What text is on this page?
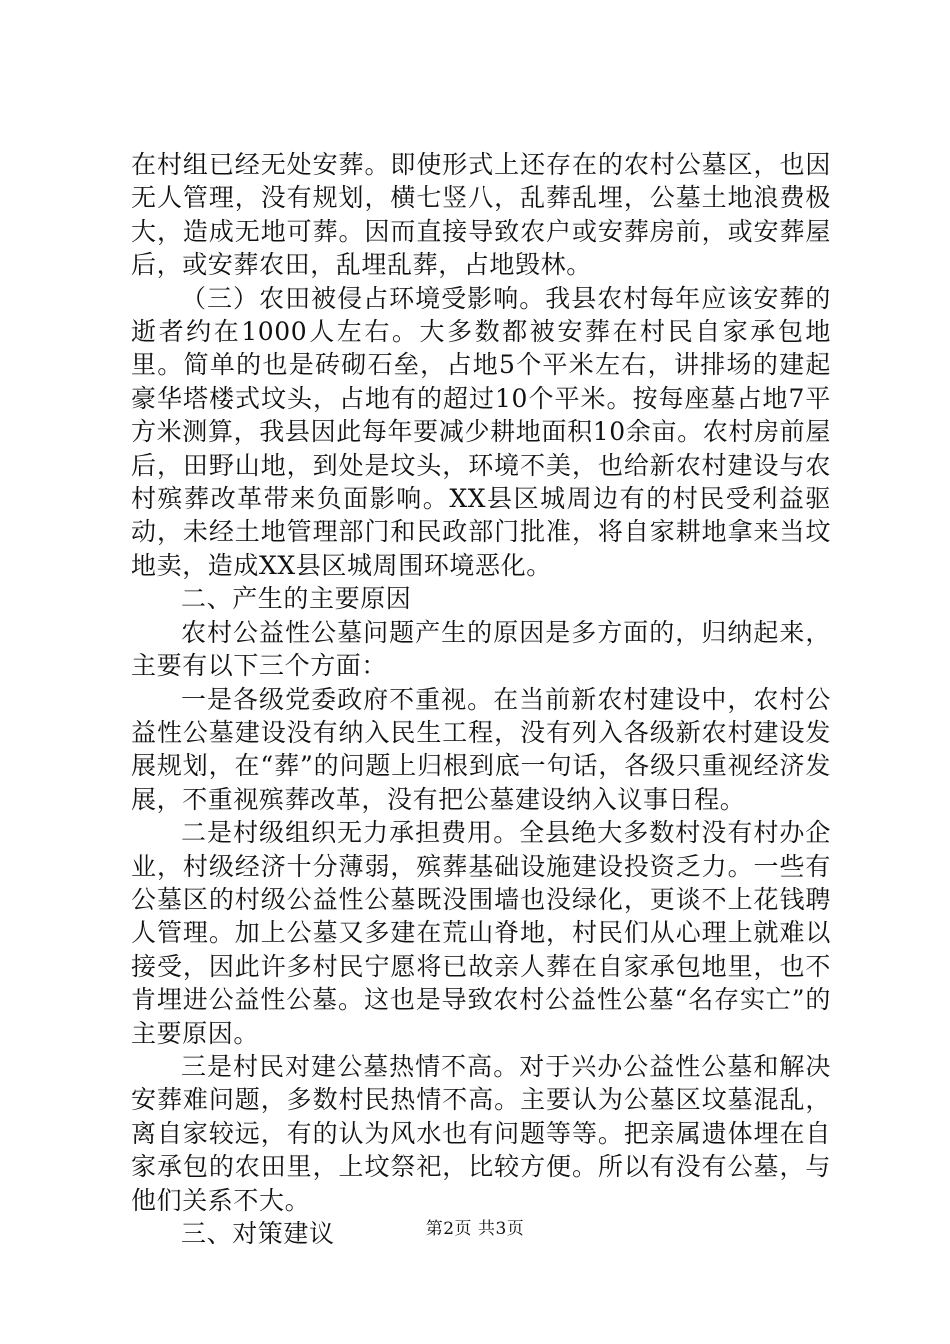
在村组已经无处安葬。即使形式上还存在的农村公墓区，也因无人管理，没有规划，横七竖八，乱葬乱埋，公墓土地浪费极大，造成无地可葬。因而直接导致农户或安葬房前，或安葬屋后，或安葬农田，乱埋乱葬，占地毁林。

（三）农田被侵占环境受影响。我县农村每年应该安葬的逝者约在1000人左右。大多数都被安葬在村民自家承包地里。简单的也是砖砌石垒，占地5个平米左右，讲排场的建起豪华塔楼式坟头，占地有的超过10个平米。按每座墓占地7平方米测算，我县因此每年要减少耕地面积10余亩。农村房前屋后，田野山地，到处是坟头，环境不美，也给新农村建设与农村殡葬改革带来负面影响。XX县区城周边有的村民受利益驱动，未经土地管理部门和民政部门批准，将自家耕地拿来当坟地卖，造成XX县区城周围环境恶化。

二、产生的主要原因

农村公益性公墓问题产生的原因是多方面的，归纳起来，主要有以下三个方面：

一是各级党委政府不重视。在当前新农村建设中，农村公益性公墓建设没有纳入民生工程，没有列入各级新农村建设发展规划，在“葬”的问题上归根到底一句话，各级只重视经济发展，不重视殡葬改革，没有把公墓建设纳入议事日程。

二是村级组织无力承担费用。全县绝大多数村没有村办企业，村级经济十分薄弱，殡葬基础设施建设投资乏力。一些有公墓区的村级公益性公墓既没围墙也没绿化，更谈不上花钱聘人管理。加上公墓又多建在荒山脊地，村民们从心理上就难以接受，因此许多村民宁愿将已故亲人葬在自家承包地里，也不肯埋进公益性公墓。这也是导致农村公益性公墓“名存实亡”的主要原因。

三是村民对建公墓热情不高。对于兴办公益性公墓和解决安葬难问题，多数村民热情不高。主要认为公墓区坟墓混乱，离自家较远，有的认为风水也有问题等等。把亲属遗体埋在自家承包的农田里，上坟祭祀，比较方便。所以有没有公墓，与他们关系不大。

三、对策建议	第2页 共3页
